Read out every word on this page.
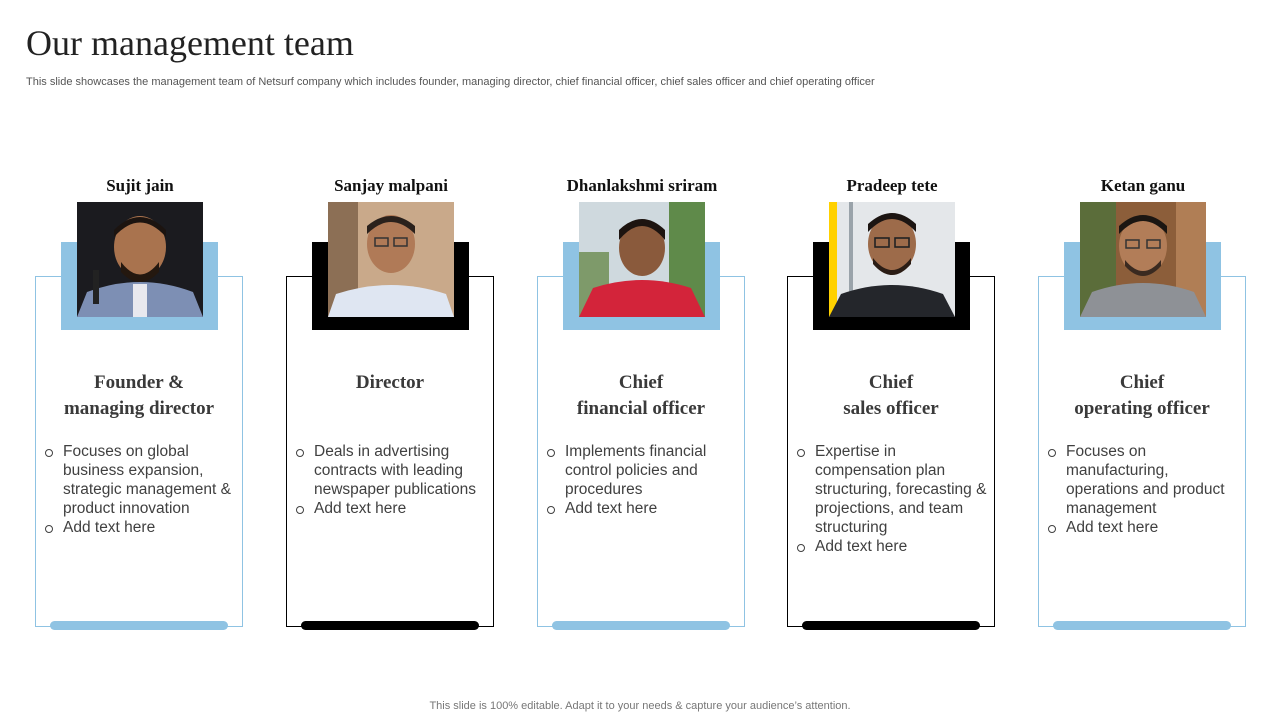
Our management team
This slide showcases the management team of Netsurf company which includes founder, managing director, chief financial officer, chief sales officer and chief operating officer
Sujit jain
Founder &
managing director
Focuses on global business expansion, strategic management & product innovation
Add text here
Sanjay malpani
Director
Deals in advertising contracts with leading newspaper publications
Add text here
Dhanlakshmi sriram
Chief
financial officer
Implements financial control policies and procedures
Add text here
Pradeep tete
Chief
sales officer
Expertise in compensation plan structuring, forecasting & projections, and team structuring
Add text here
Ketan ganu
Chief
operating officer
Focuses on manufacturing, operations and product management
Add text here
This slide is 100% editable. Adapt it to your needs & capture your audience’s attention.
